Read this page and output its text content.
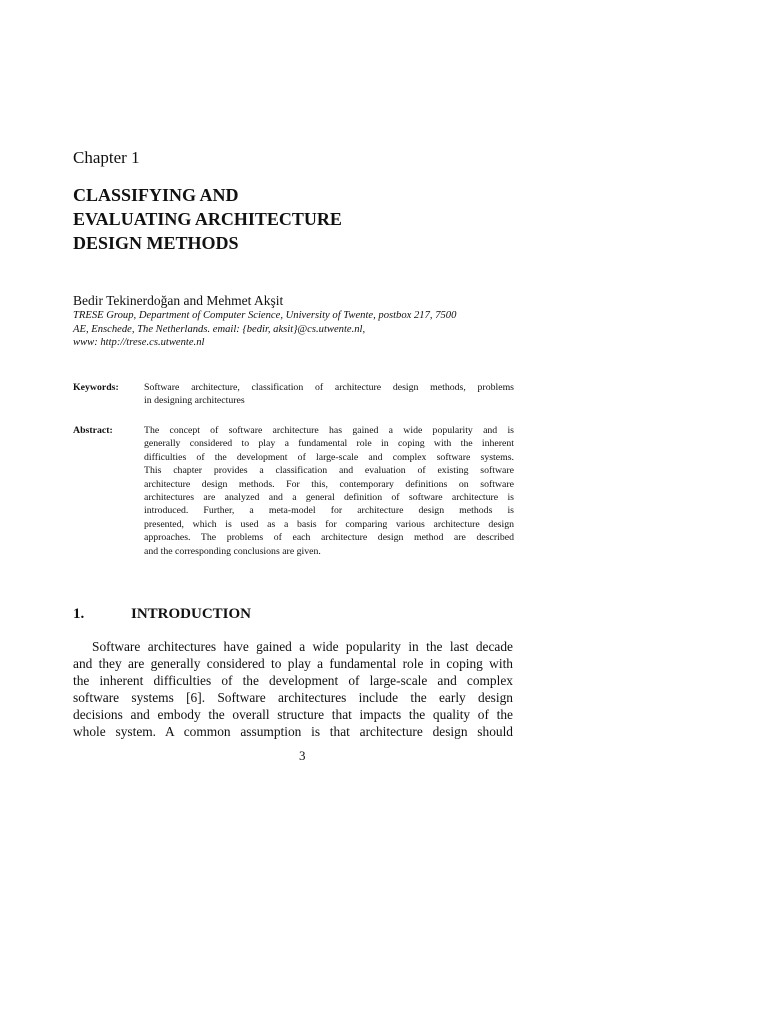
Chapter 1
CLASSIFYING AND
EVALUATING ARCHITECTURE
DESIGN METHODS
Bedir Tekinerdoğan and Mehmet Akşit
TRESE Group, Department of Computer Science, University of Twente, postbox 217, 7500
AE, Enschede, The Netherlands. email: {bedir, aksit}@cs.utwente.nl,
www: http://trese.cs.utwente.nl
Keywords:	Software architecture, classification of architecture design methods, problems
in designing architectures
Abstract:	The concept of software architecture has gained a wide popularity and is
generally considered to play a fundamental role in coping with the inherent
difficulties of the development of large-scale and complex software systems.
This chapter provides a classification and evaluation of existing software
architecture design methods. For this, contemporary definitions on software
architectures are analyzed and a general definition of software architecture is
introduced. Further, a meta-model for architecture design methods is
presented, which is used as a basis for comparing various architecture design
approaches. The problems of each architecture design method are described
and the corresponding conclusions are given.
1.	INTRODUCTION
Software architectures have gained a wide popularity in the last decade
and they are generally considered to play a fundamental role in coping with
the inherent difficulties of the development of large-scale and complex
software systems [6]. Software architectures include the early design
decisions and embody the overall structure that impacts the quality of the
whole system. A common assumption is that architecture design should
3
